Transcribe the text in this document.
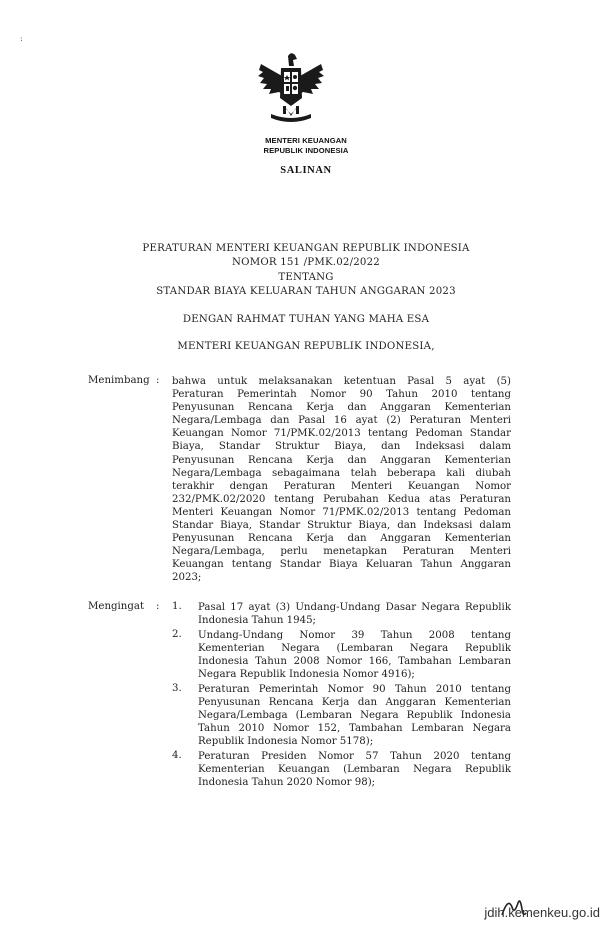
:
MENTERI KEUANGAN
REPUBLIK INDONESIA
SALINAN
PERATURAN MENTERI KEUANGAN REPUBLIK INDONESIA
NOMOR 151 /PMK.02/2022
TENTANG
STANDAR BIAYA KELUARAN TAHUN ANGGARAN 2023
DENGAN RAHMAT TUHAN YANG MAHA ESA
MENTERI KEUANGAN REPUBLIK INDONESIA,
Menimbang : bahwa untuk melaksanakan ketentuan Pasal 5 ayat (5)
Peraturan Pemerintah Nomor 90 Tahun 2010 tentang
Penyusunan Rencana Kerja dan Anggaran Kementerian
Negara/Lembaga dan Pasal 16 ayat (2) Peraturan Menteri
Keuangan Nomor 71/PMK.02/2013 tentang Pedoman Standar
Biaya, Standar Struktur Biaya, dan Indeksasi dalam
Penyusunan Rencana Kerja dan Anggaran Kementerian
Negara/Lembaga sebagaimana telah beberapa kali diubah
terakhir dengan Peraturan Menteri Keuangan Nomor
232/PMK.02/2020 tentang Perubahan Kedua atas Peraturan
Menteri Keuangan Nomor 71/PMK.02/2013 tentang Pedoman
Standar Biaya, Standar Struktur Biaya, dan Indeksasi dalam
Penyusunan Rencana Kerja dan Anggaran Kementerian
Negara/Lembaga, perlu menetapkan Peraturan Menteri
Keuangan tentang Standar Biaya Keluaran Tahun Anggaran
2023;
Mengingat : 1. Pasal 17 ayat (3) Undang-Undang Dasar Negara Republik
Indonesia Tahun 1945;
2. Undang-Undang Nomor 39 Tahun 2008 tentang
Kementerian Negara (Lembaran Negara Republik
Indonesia Tahun 2008 Nomor 166, Tambahan Lembaran
Negara Republik Indonesia Nomor 4916);
3. Peraturan Pemerintah Nomor 90 Tahun 2010 tentang
Penyusunan Rencana Kerja dan Anggaran Kementerian
Negara/Lembaga (Lembaran Negara Republik Indonesia
Tahun 2010 Nomor 152, Tambahan Lembaran Negara
Republik Indonesia Nomor 5178);
4. Peraturan Presiden Nomor 57 Tahun 2020 tentang
Kementerian Keuangan (Lembaran Negara Republik
Indonesia Tahun 2020 Nomor 98);
jdih.kemenkeu.go.id
